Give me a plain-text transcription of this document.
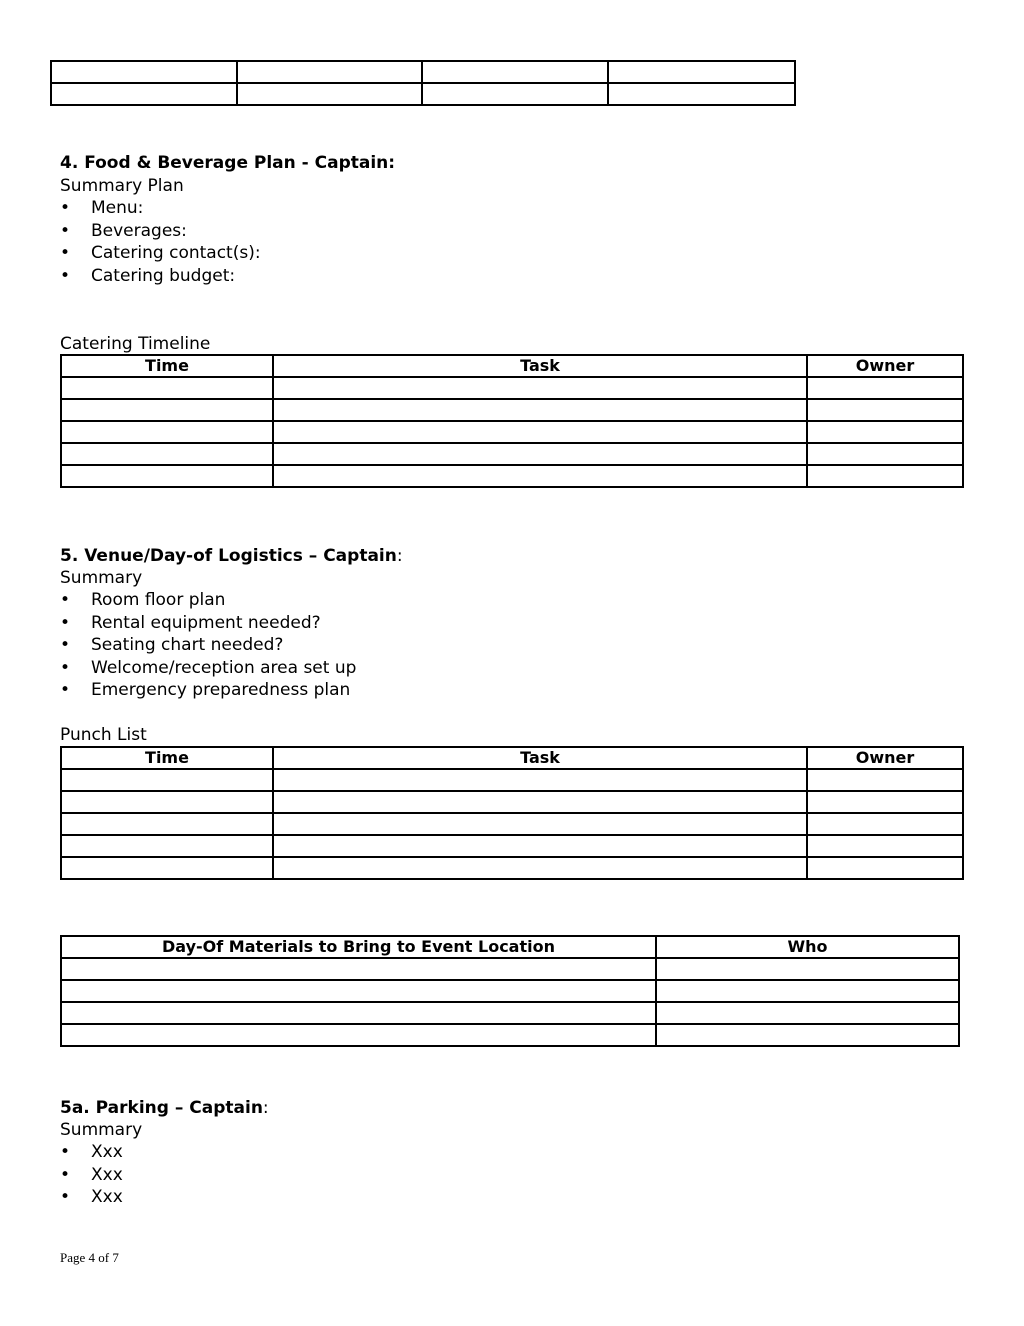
4. Food & Beverage Plan - Captain:
Summary Plan
• Menu:
• Beverages:
• Catering contact(s):
• Catering budget:
Catering Timeline
Time	Task	Owner

5. Venue/Day-of Logistics – Captain:
Summary
• Room floor plan
• Rental equipment needed?
• Seating chart needed?
• Welcome/reception area set up
• Emergency preparedness plan
Punch List
Time	Task	Owner

Day-Of Materials to Bring to Event Location	Who

5a. Parking – Captain:
Summary
• Xxx
• Xxx
• Xxx
Page 4 of 7
